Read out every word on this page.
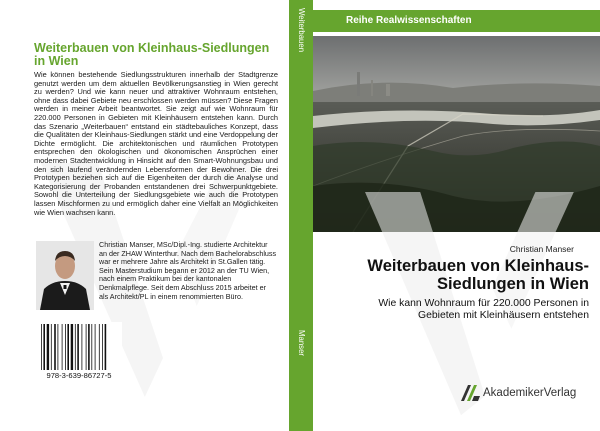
Weiterbauen von Kleinhaus-Siedlungen in Wien
Wie können bestehende Siedlungsstrukturen innerhalb der Stadtgrenze genutzt werden um dem aktuellen Bevölkerungsanstieg in Wien gerecht zu werden? Und wie kann neuer und attraktiver Wohnraum entstehen, ohne dass dabei Gebiete neu erschlossen werden müssen? Diese Fragen werden in meiner Arbeit beantwortet. Sie zeigt auf wie Wohnraum für 220.000 Personen in Gebieten mit Kleinhäusern entstehen kann. Durch das Szenario „Weiterbauen“ entstand ein städtebauliches Konzept, dass die Qualitäten der Kleinhaus-Siedlungen stärkt und eine Verdoppelung der Dichte ermöglicht. Die architektonischen und räumlichen Prototypen entsprechen den ökologischen und ökonomischen Ansprüchen einer modernen Stadtentwicklung in Hinsicht auf den Smart-Wohnungsbau und den sich laufend verändernden Lebensformen der Bewohner. Die drei Prototypen beziehen sich auf die Eigenheiten der durch die Analyse und Kategorisierung der Probanden entstandenen drei Schwerpunktgebiete. Sowohl die Unterteilung der Siedlungsgebiete wie auch die Prototypen lassen Mischformen zu und ermöglich daher eine Vielfalt an Möglichkeiten wie Wien wachsen kann.
Christian Manser, MSc/Dipl.-Ing. studierte Architektur an der ZHAW Winterthur. Nach dem Bachelorabschluss war er mehrere Jahre als Architekt in St.Gallen tätig. Sein Masterstudium begann er 2012 an der TU Wien, nach einem Praktikum bei der kantonalen Denkmalpflege. Seit dem Abschluss 2015 arbeitet er als Architekt/PL in einem renommierten Büro.
978-3-639-86727-5
Weiterbauen
Manser
Reihe Realwissenschaften
Christian Manser
Weiterbauen von Kleinhaus-Siedlungen in Wien
Wie kann Wohnraum für 220.000 Personen in Gebieten mit Kleinhäusern entstehen
AkademikerVerlag
